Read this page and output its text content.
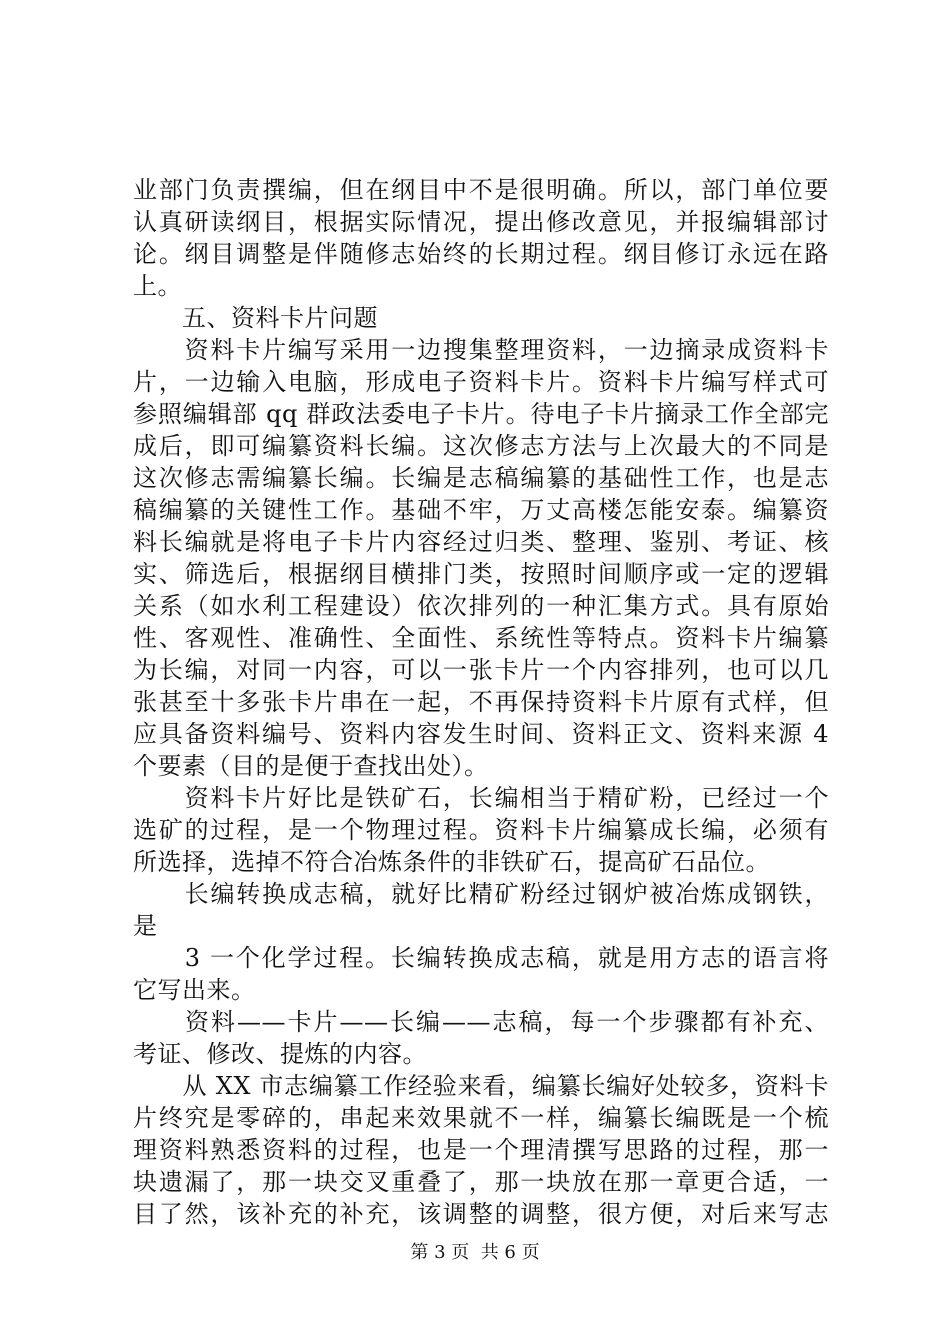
业部门负责撰编，但在纲目中不是很明确。所以，部门单位要
认真研读纲目，根据实际情况，提出修改意见，并报编辑部讨
论。纲目调整是伴随修志始终的长期过程。纲目修订永远在路
上。
　　五、资料卡片问题
　　资料卡片编写采用一边搜集整理资料，一边摘录成资料卡
片，一边输入电脑，形成电子资料卡片。资料卡片编写样式可
参照编辑部 qq 群政法委电子卡片。待电子卡片摘录工作全部完
成后，即可编纂资料长编。这次修志方法与上次最大的不同是
这次修志需编纂长编。长编是志稿编纂的基础性工作，也是志
稿编纂的关键性工作。基础不牢，万丈高楼怎能安泰。编纂资
料长编就是将电子卡片内容经过归类、整理、鉴别、考证、核
实、筛选后，根据纲目横排门类，按照时间顺序或一定的逻辑
关系（如水利工程建设）依次排列的一种汇集方式。具有原始
性、客观性、准确性、全面性、系统性等特点。资料卡片编纂
为长编，对同一内容，可以一张卡片一个内容排列，也可以几
张甚至十多张卡片串在一起，不再保持资料卡片原有式样，但
应具备资料编号、资料内容发生时间、资料正文、资料来源 4
个要素（目的是便于查找出处）。
　　资料卡片好比是铁矿石，长编相当于精矿粉，已经过一个
选矿的过程，是一个物理过程。资料卡片编纂成长编，必须有
所选择，选掉不符合冶炼条件的非铁矿石，提高矿石品位。
　　长编转换成志稿，就好比精矿粉经过钢炉被冶炼成钢铁，
是
　　3 一个化学过程。长编转换成志稿，就是用方志的语言将
它写出来。
　　资料——卡片——长编——志稿，每一个步骤都有补充、
考证、修改、提炼的内容。
　　从 XX 市志编纂工作经验来看，编纂长编好处较多，资料卡
片终究是零碎的，串起来效果就不一样，编纂长编既是一个梳
理资料熟悉资料的过程，也是一个理清撰写思路的过程，那一
块遗漏了，那一块交叉重叠了，那一块放在那一章更合适，一
目了然，该补充的补充，该调整的调整，很方便，对后来写志
第 3 页  共 6 页
